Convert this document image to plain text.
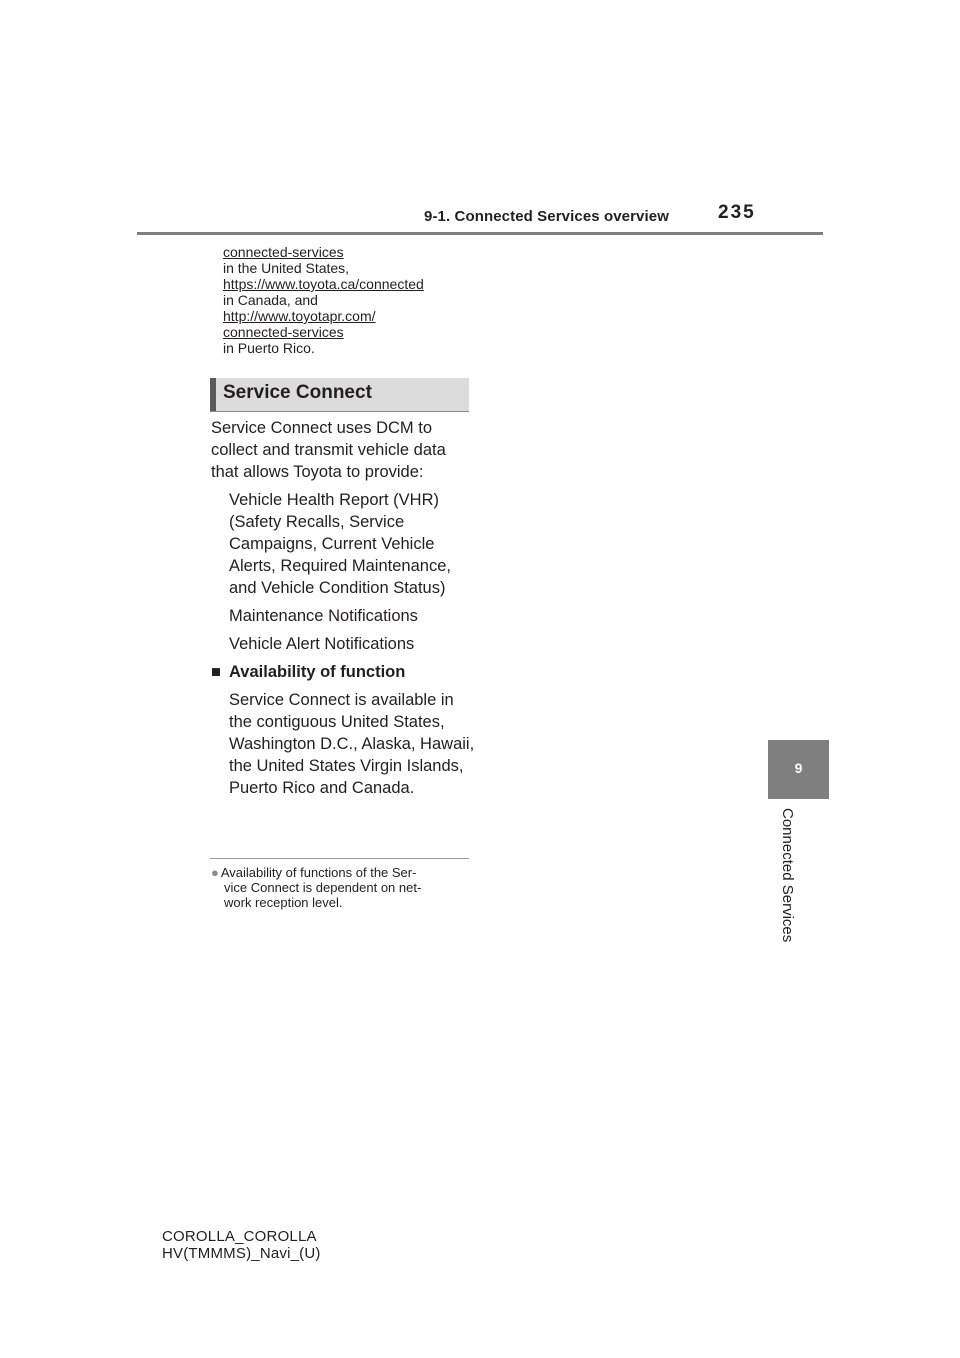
9-1. Connected Services overview	235
connected-services
in the United States,
https://www.toyota.ca/connected
in Canada, and
http://www.toyotapr.com/
connected-services
in Puerto Rico.
Service Connect

Service Connect uses DCM to collect and transmit vehicle data that allows Toyota to provide:

Vehicle Health Report (VHR) (Safety Recalls, Service Campaigns, Current Vehicle Alerts, Required Maintenance, and Vehicle Condition Status)
Maintenance Notifications
Vehicle Alert Notifications
■ Availability of function
Service Connect is available in the contiguous United States, Washington D.C., Alaska, Hawaii, the United States Virgin Islands, Puerto Rico and Canada.
● Availability of functions of the Ser-
vice Connect is dependent on net-
work reception level.
9
Connected Services
COROLLA_COROLLA
HV(TMMMS)_Navi_(U)
